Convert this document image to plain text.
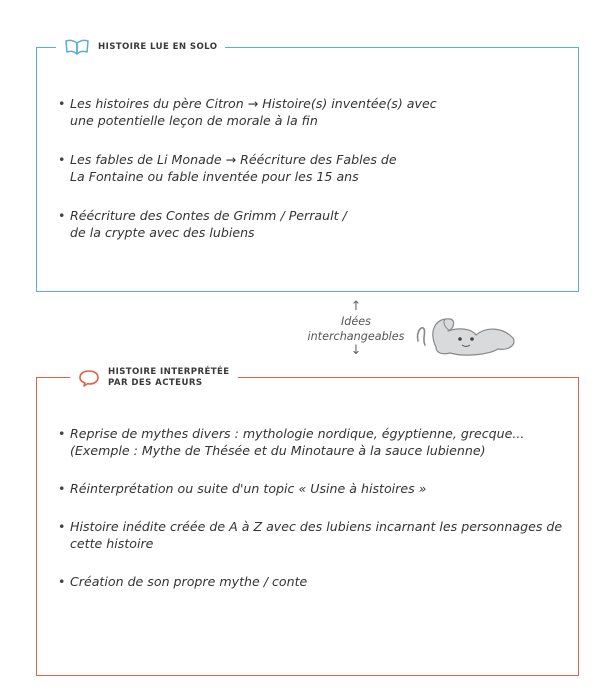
HISTOIRE LUE EN SOLO
• Les histoires du père Citron → Histoire(s) inventée(s) avec
une potentielle leçon de morale à la fin
• Les fables de Li Monade → Réécriture des Fables de
La Fontaine ou fable inventée pour les 15 ans
• Réécriture des Contes de Grimm / Perrault /
de la crypte avec des lubiens
↑
Idées
interchangeables
↓
HISTOIRE INTERPRÉTÉE
PAR DES ACTEURS
• Reprise de mythes divers : mythologie nordique, égyptienne, grecque... (Exemple : Mythe de Thésée et du Minotaure à la sauce lubienne)
• Réinterprétation ou suite d'un topic « Usine à histoires »
• Histoire inédite créée de A à Z avec des lubiens incarnant les personnages de cette histoire
• Création de son propre mythe / conte
